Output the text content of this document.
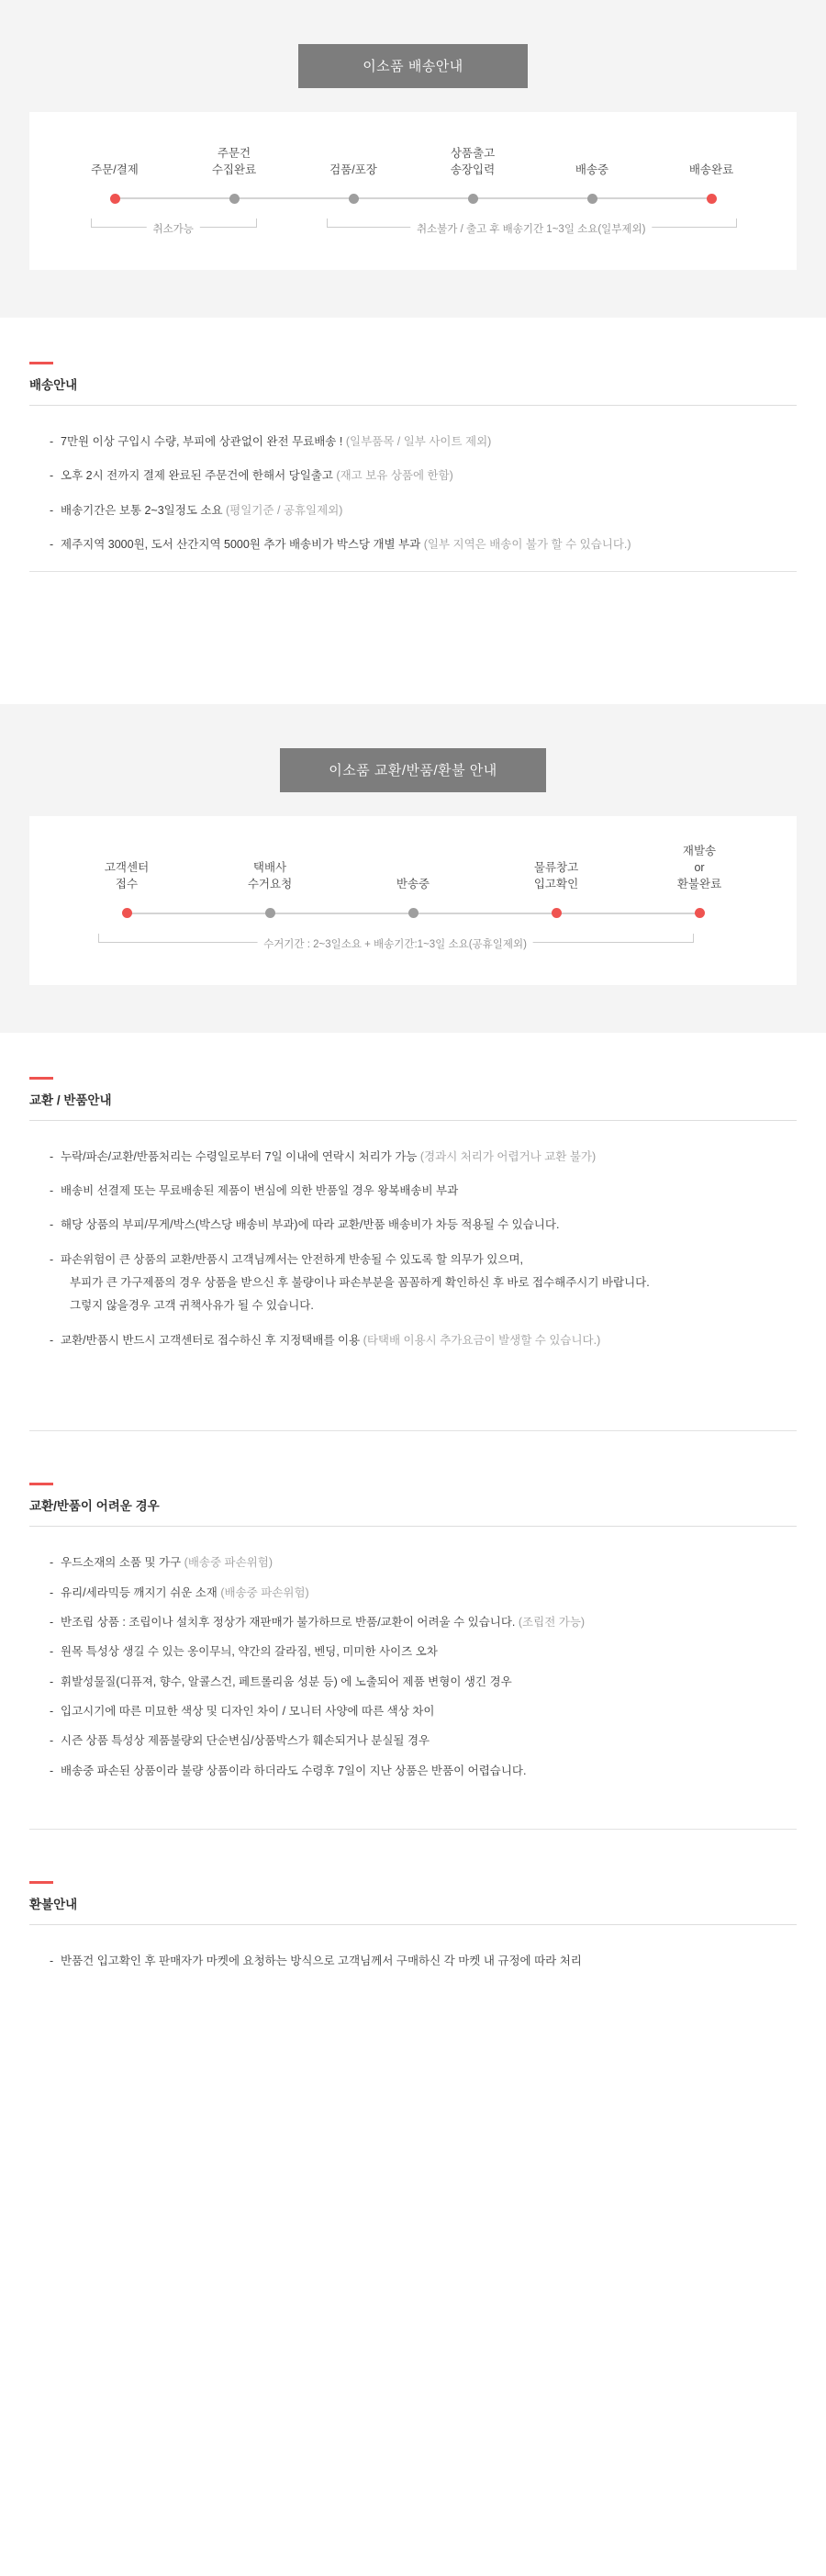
이소품 배송안내
주문/결제
주문건
수집완료	검품/포장
상품출고
송장입력	배송중	배송완료
취소가능	취소불가 / 출고 후 배송기간 1~3일 소요(일부제외)
배송안내
- 7만원 이상 구입시 수량, 부피에 상관없이 완전 무료배송 ! (일부품목 / 일부 사이트 제외)
- 오후 2시 전까지 결제 완료된 주문건에 한해서 당일출고 (재고 보유 상품에 한함)
- 배송기간은 보통 2~3일정도 소요 (평일기준 / 공휴일제외)
- 제주지역 3000원, 도서 산간지역 5000원 추가 배송비가 박스당 개별 부과 (일부 지역은 배송이 불가 할 수 있습니다.)
이소품 교환/반품/환불 안내
고객센터
접수
택배사
수거요청	반송중
물류창고
입고확인
재발송
or
환불완료
수거기간 : 2~3일소요 + 배송기간:1~3일 소요(공휴일제외)
교환 / 반품안내
- 누락/파손/교환/반품처리는 수령일로부터 7일 이내에 연락시 처리가 가능 (경과시 처리가 어렵거나 교환 불가)
- 배송비 선결제 또는 무료배송된 제품이 변심에 의한 반품일 경우 왕복배송비 부과
- 해당 상품의 부피/무게/박스(박스당 배송비 부과)에 따라 교환/반품 배송비가 차등 적용될 수 있습니다.
- 파손위험이 큰 상품의 교환/반품시 고객님께서는 안전하게 반송될 수 있도록 할 의무가 있으며,
부피가 큰 가구제품의 경우 상품을 받으신 후 불량이나 파손부분을 꼼꼼하게 확인하신 후 바로 접수해주시기 바랍니다.
그렇지 않을경우 고객 귀책사유가 될 수 있습니다.
- 교환/반품시 반드시 고객센터로 접수하신 후 지정택배를 이용 (타택배 이용시 추가요금이 발생할 수 있습니다.)
교환/반품이 어려운 경우
- 우드소재의 소품 및 가구 (배송중 파손위험)
- 유리/세라믹등 깨지기 쉬운 소재 (배송중 파손위험)
- 반조립 상품 : 조립이나 설치후 정상가 재판매가 불가하므로 반품/교환이 어려울 수 있습니다. (조립전 가능)
- 원목 특성상 생길 수 있는 옹이무늬, 약간의 갈라짐, 벤딩, 미미한 사이즈 오차
- 휘발성물질(디퓨져, 향수, 알콜스건, 페트롤리움 성분 등) 에 노출되어 제품 변형이 생긴 경우
- 입고시기에 따른 미묘한 색상 및 디자인 차이 / 모니터 사양에 따른 색상 차이
- 시즌 상품 특성상 제품불량외 단순변심/상품박스가 훼손되거나 분실될 경우
- 배송중 파손된 상품이라 불량 상품이라 하더라도 수령후 7일이 지난 상품은 반품이 어렵습니다.
환불안내
- 반품건 입고확인 후 판매자가 마켓에 요청하는 방식으로 고객님께서 구매하신 각 마켓 내 규정에 따라 처리
